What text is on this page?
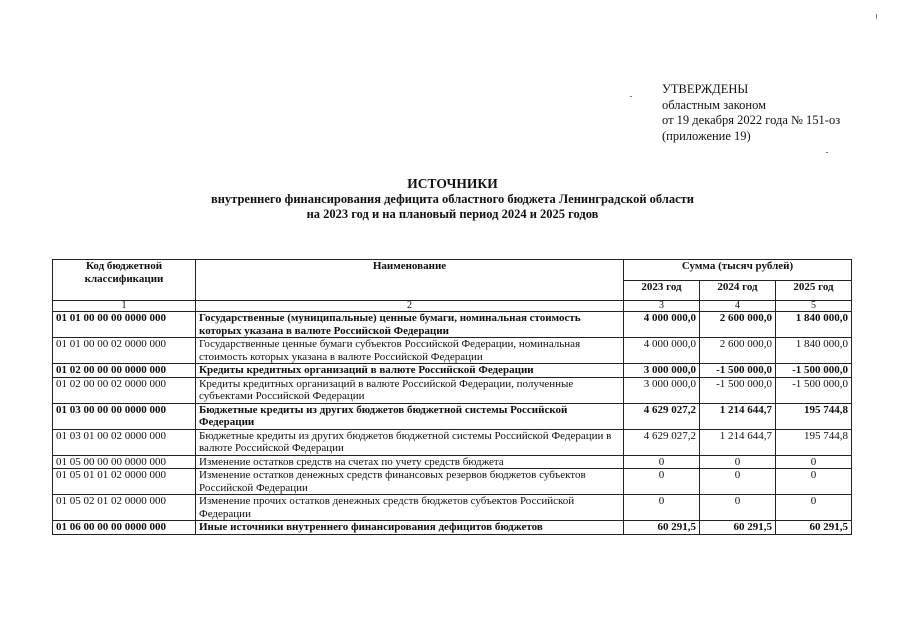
УТВЕРЖДЕНЫ
областным законом
от 19 декабря 2022 года № 151-оз
(приложение 19)
ИСТОЧНИКИ
внутреннего финансирования дефицита областного бюджета Ленинградской области
на 2023 год и на плановый период 2024 и 2025 годов
Код бюджетной классификации	Наименование	Сумма (тысяч рублей)		
		2023 год	2024 год	2025 год
1	2	3	4	5
01 01 00 00 00 0000 000	Государственные (муниципальные) ценные бумаги, номинальная стоимость которых указана в валюте Российской Федерации	4 000 000,0	2 600 000,0	1 840 000,0
01 01 00 00 02 0000 000	Государственные ценные бумаги субъектов Российской Федерации, номинальная стоимость которых указана в валюте Российской Федерации	4 000 000,0	2 600 000,0	1 840 000,0
01 02 00 00 00 0000 000	Кредиты кредитных организаций в валюте Российской Федерации	3 000 000,0	-1 500 000,0	-1 500 000,0
01 02 00 00 02 0000 000	Кредиты кредитных организаций в валюте Российской Федерации, полученные субъектами Российской Федерации	3 000 000,0	-1 500 000,0	-1 500 000,0
01 03 00 00 00 0000 000	Бюджетные кредиты из других бюджетов бюджетной системы Российской Федерации	4 629 027,2	1 214 644,7	195 744,8
01 03 01 00 02 0000 000	Бюджетные кредиты из других бюджетов бюджетной системы Российской Федерации в валюте Российской Федерации	4 629 027,2	1 214 644,7	195 744,8
01 05 00 00 00 0000 000	Изменение остатков средств на счетах по учету средств бюджета	0	0	0
01 05 01 01 02 0000 000	Изменение остатков денежных средств финансовых резервов бюджетов субъектов Российской Федерации	0	0	0
01 05 02 01 02 0000 000	Изменение прочих остатков денежных средств бюджетов субъектов Российской Федерации	0	0	0
01 06 00 00 00 0000 000	Иные источники внутреннего финансирования дефицитов бюджетов	60 291,5	60 291,5	60 291,5
